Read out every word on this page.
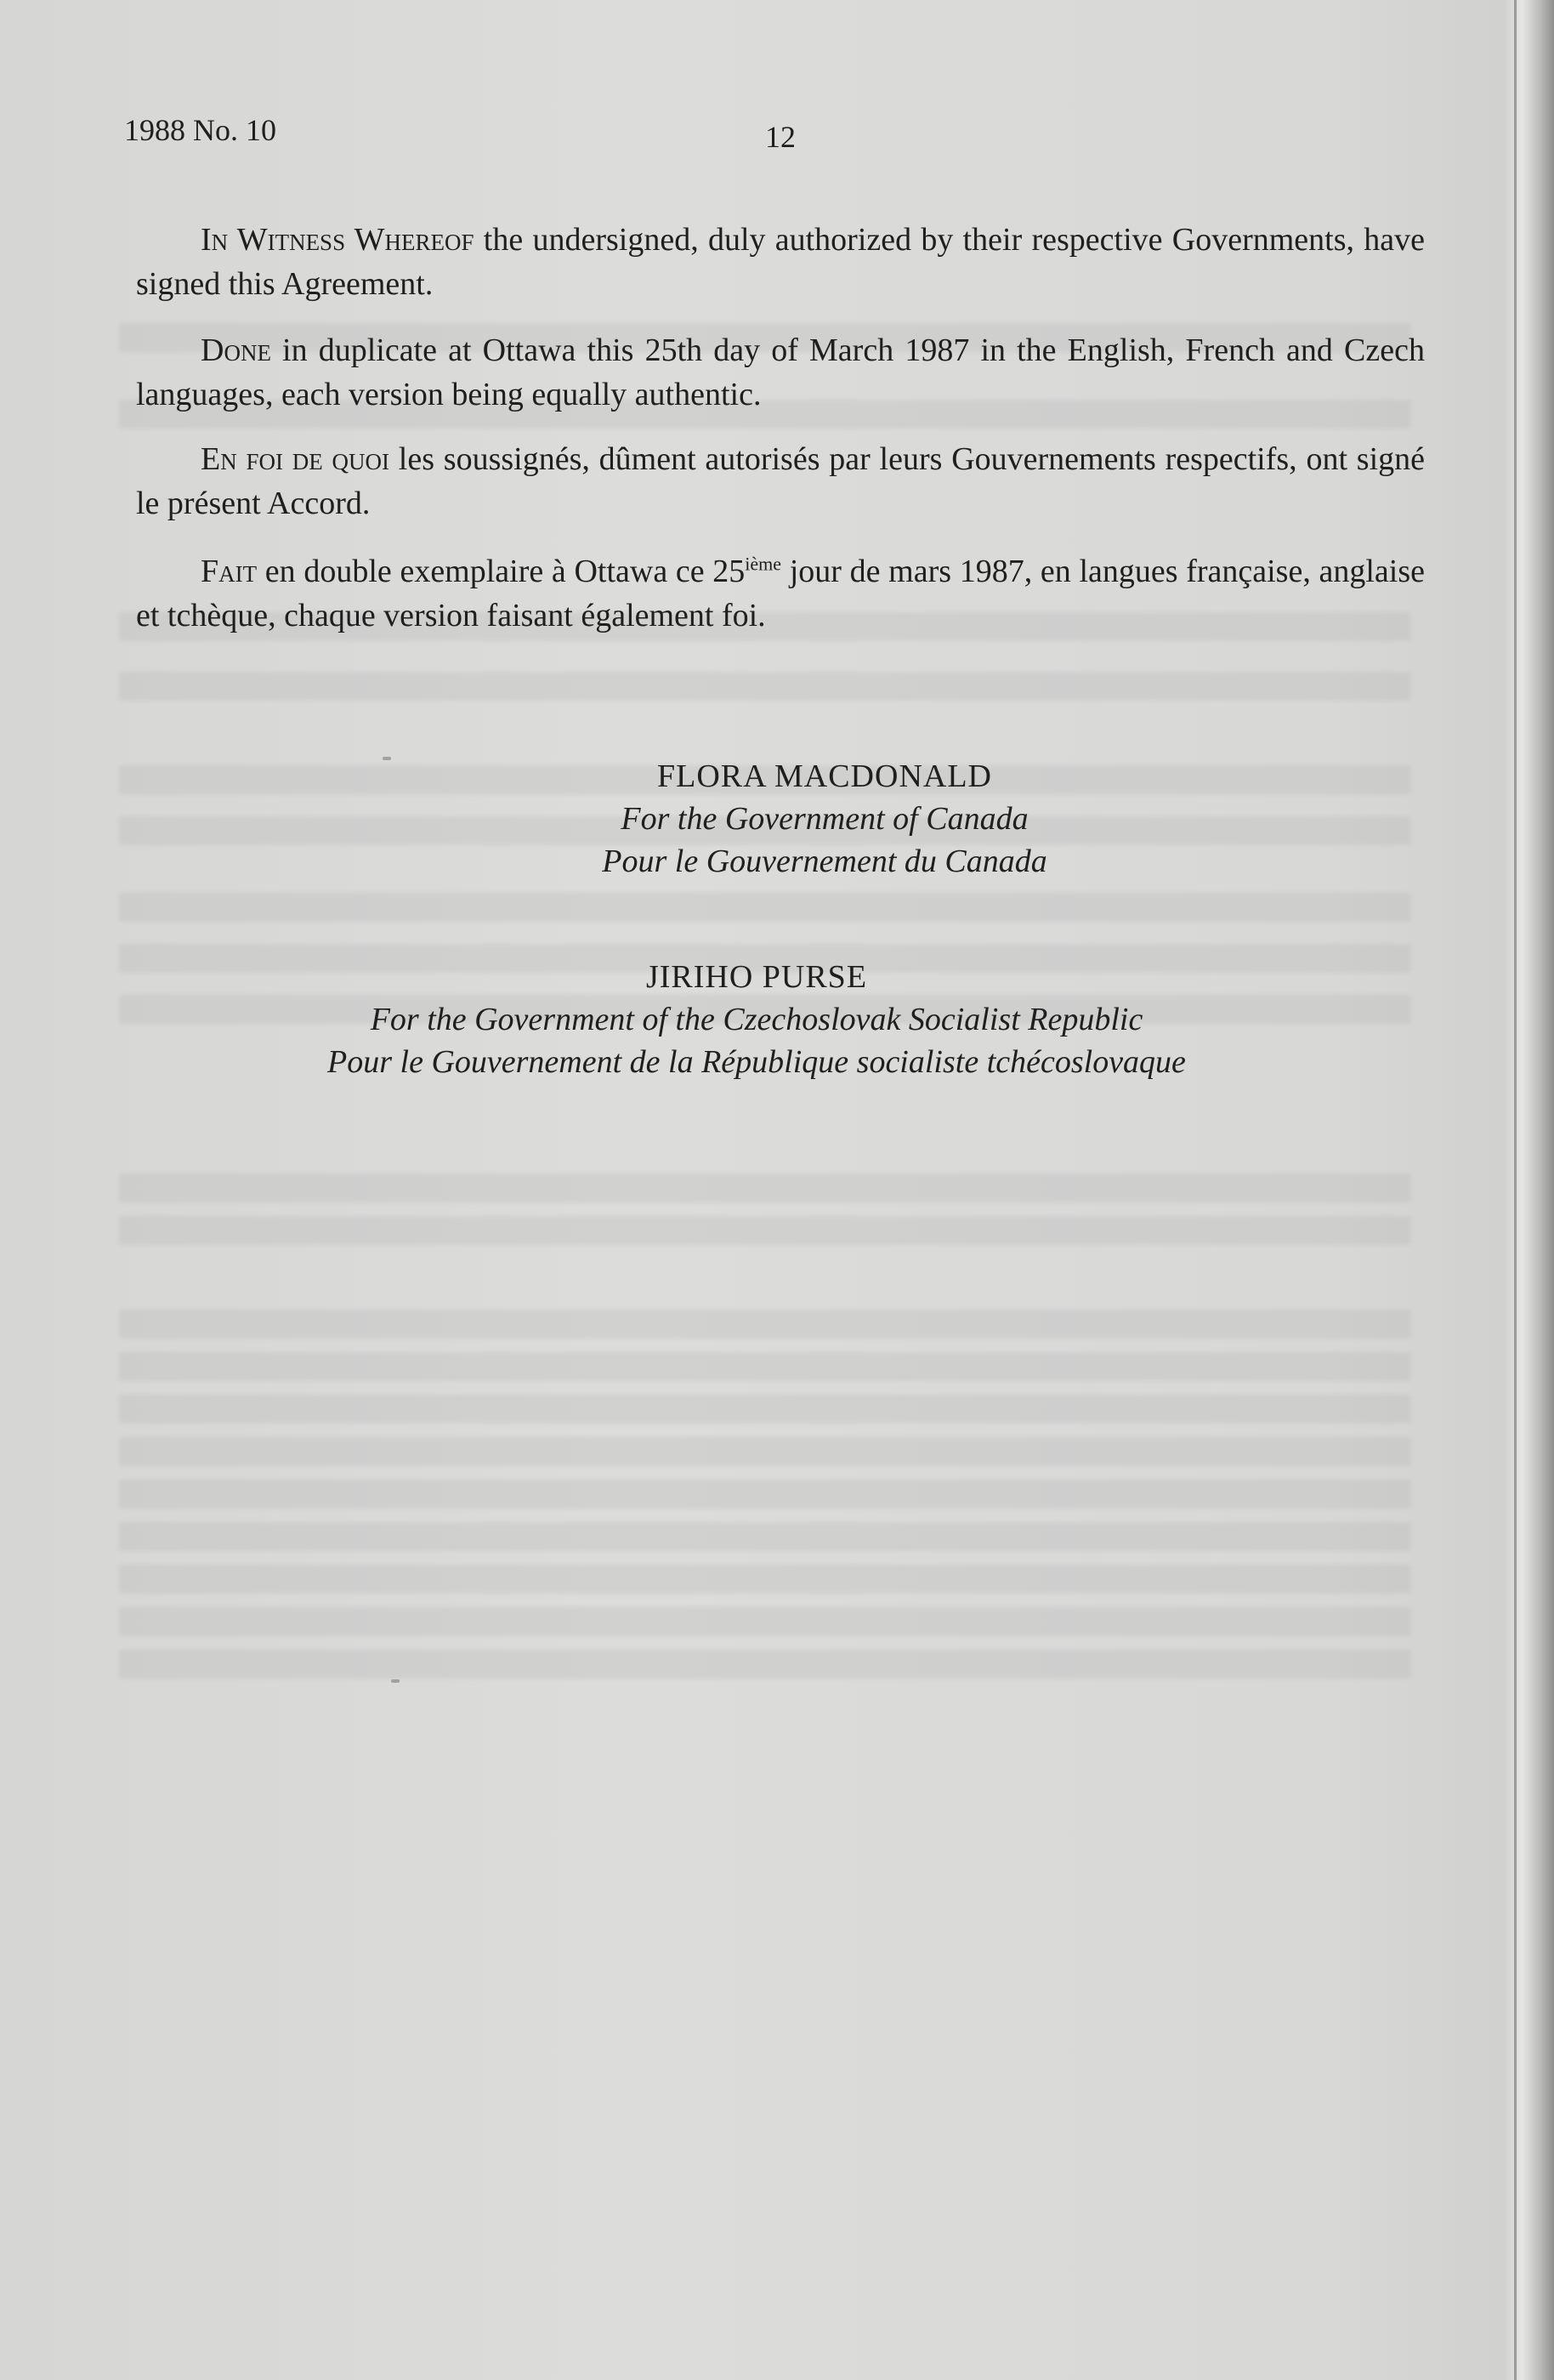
1988 No. 10	12

In Witness Whereof the undersigned, duly authorized by their respective Governments, have signed this Agreement.

Done in duplicate at Ottawa this 25th day of March 1987 in the English, French and Czech languages, each version being equally authentic.

En foi de quoi les soussignés, dûment autorisés par leurs Gouvernements respectifs, ont signé le présent Accord.

Fait en double exemplaire à Ottawa ce 25ième jour de mars 1987, en langues française, anglaise et tchèque, chaque version faisant également foi.

FLORA MACDONALD
For the Government of Canada
Pour le Gouvernement du Canada
JIRIHO PURSE
For the Government of the Czechoslovak Socialist Republic
Pour le Gouvernement de la République socialiste tchécoslovaque
